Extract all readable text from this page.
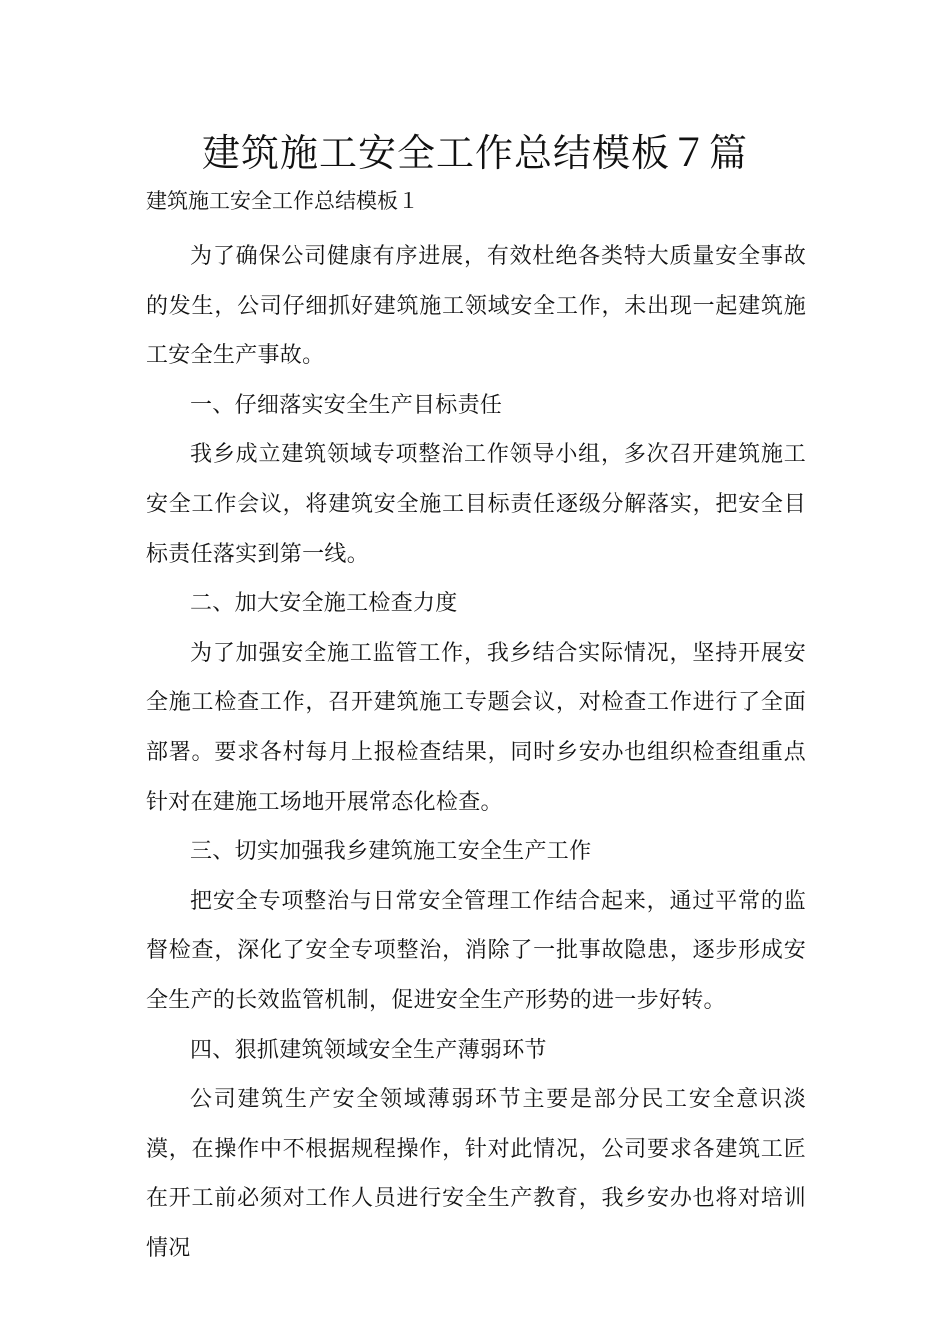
建筑施工安全工作总结模板７篇

建筑施工安全工作总结模板１

为了确保公司健康有序进展，有效杜绝各类特大质量安全事故的发生，公司仔细抓好建筑施工领域安全工作，未出现一起建筑施工安全生产事故。

一、仔细落实安全生产目标责任

我乡成立建筑领域专项整治工作领导小组，多次召开建筑施工安全工作会议，将建筑安全施工目标责任逐级分解落实，把安全目标责任落实到第一线。

二、加大安全施工检查力度

为了加强安全施工监管工作，我乡结合实际情况，坚持开展安全施工检查工作，召开建筑施工专题会议，对检查工作进行了全面部署。要求各村每月上报检查结果，同时乡安办也组织检查组重点针对在建施工场地开展常态化检查。

三、切实加强我乡建筑施工安全生产工作

把安全专项整治与日常安全管理工作结合起来，通过平常的监督检查，深化了安全专项整治，消除了一批事故隐患，逐步形成安全生产的长效监管机制，促进安全生产形势的进一步好转。

四、狠抓建筑领域安全生产薄弱环节

公司建筑生产安全领域薄弱环节主要是部分民工安全意识淡漠，在操作中不根据规程操作，针对此情况，公司要求各建筑工匠在开工前必须对工作人员进行安全生产教育，我乡安办也将对培训情况
